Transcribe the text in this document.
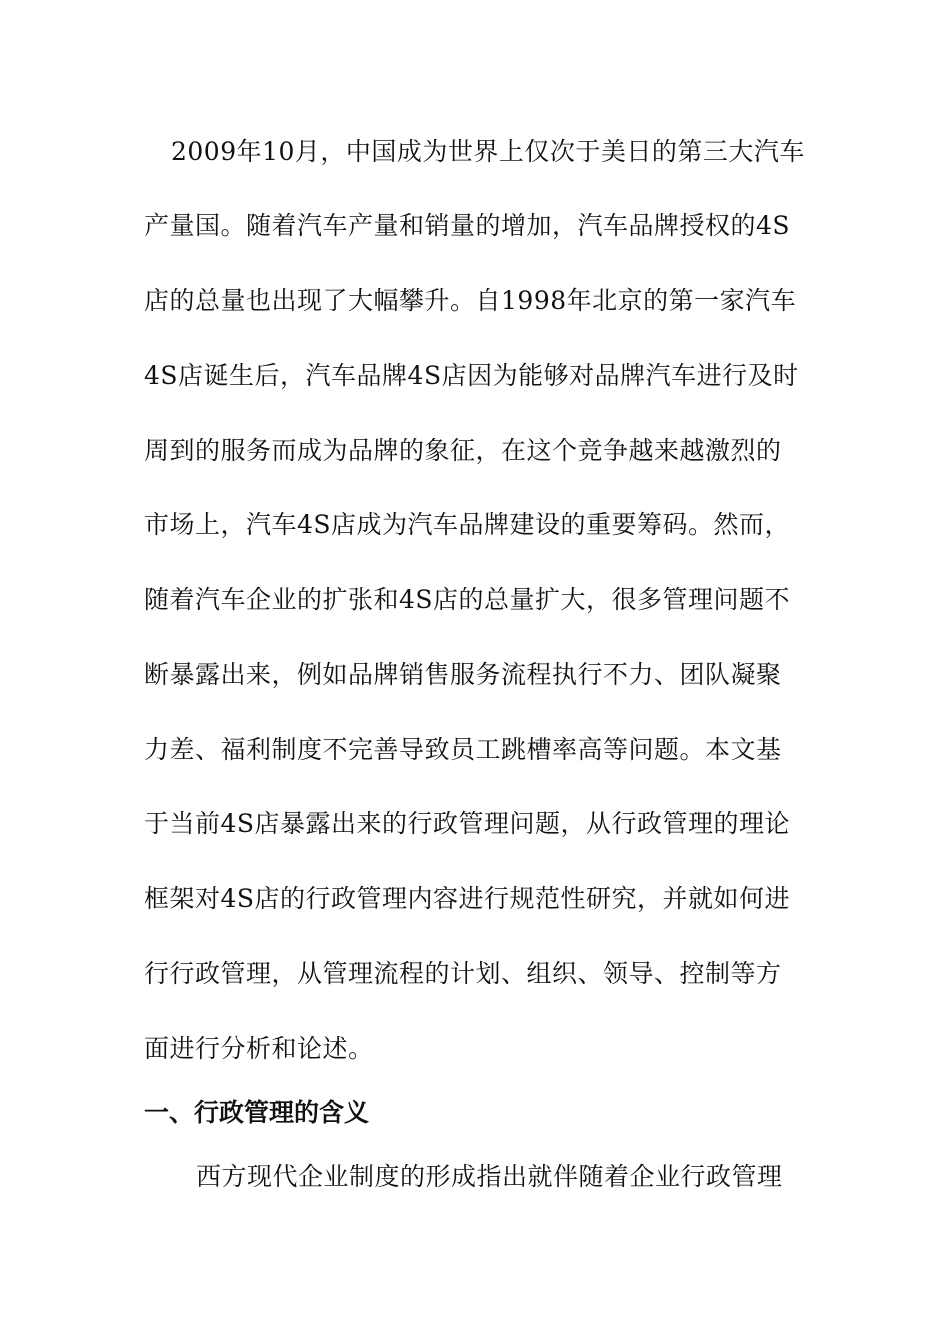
2009年10月，中国成为世界上仅次于美日的第三大汽车
产量国。随着汽车产量和销量的增加，汽车品牌授权的4S
店的总量也出现了大幅攀升。自1998年北京的第一家汽车
4S店诞生后，汽车品牌4S店因为能够对品牌汽车进行及时
周到的服务而成为品牌的象征，在这个竞争越来越激烈的
市场上，汽车4S店成为汽车品牌建设的重要筹码。然而，
随着汽车企业的扩张和4S店的总量扩大，很多管理问题不
断暴露出来，例如品牌销售服务流程执行不力、团队凝聚
力差、福利制度不完善导致员工跳槽率高等问题。本文基
于当前4S店暴露出来的行政管理问题，从行政管理的理论
框架对4S店的行政管理内容进行规范性研究，并就如何进
行行政管理，从管理流程的计划、组织、领导、控制等方
面进行分析和论述。
一、行政管理的含义
西方现代企业制度的形成指出就伴随着企业行政管理
